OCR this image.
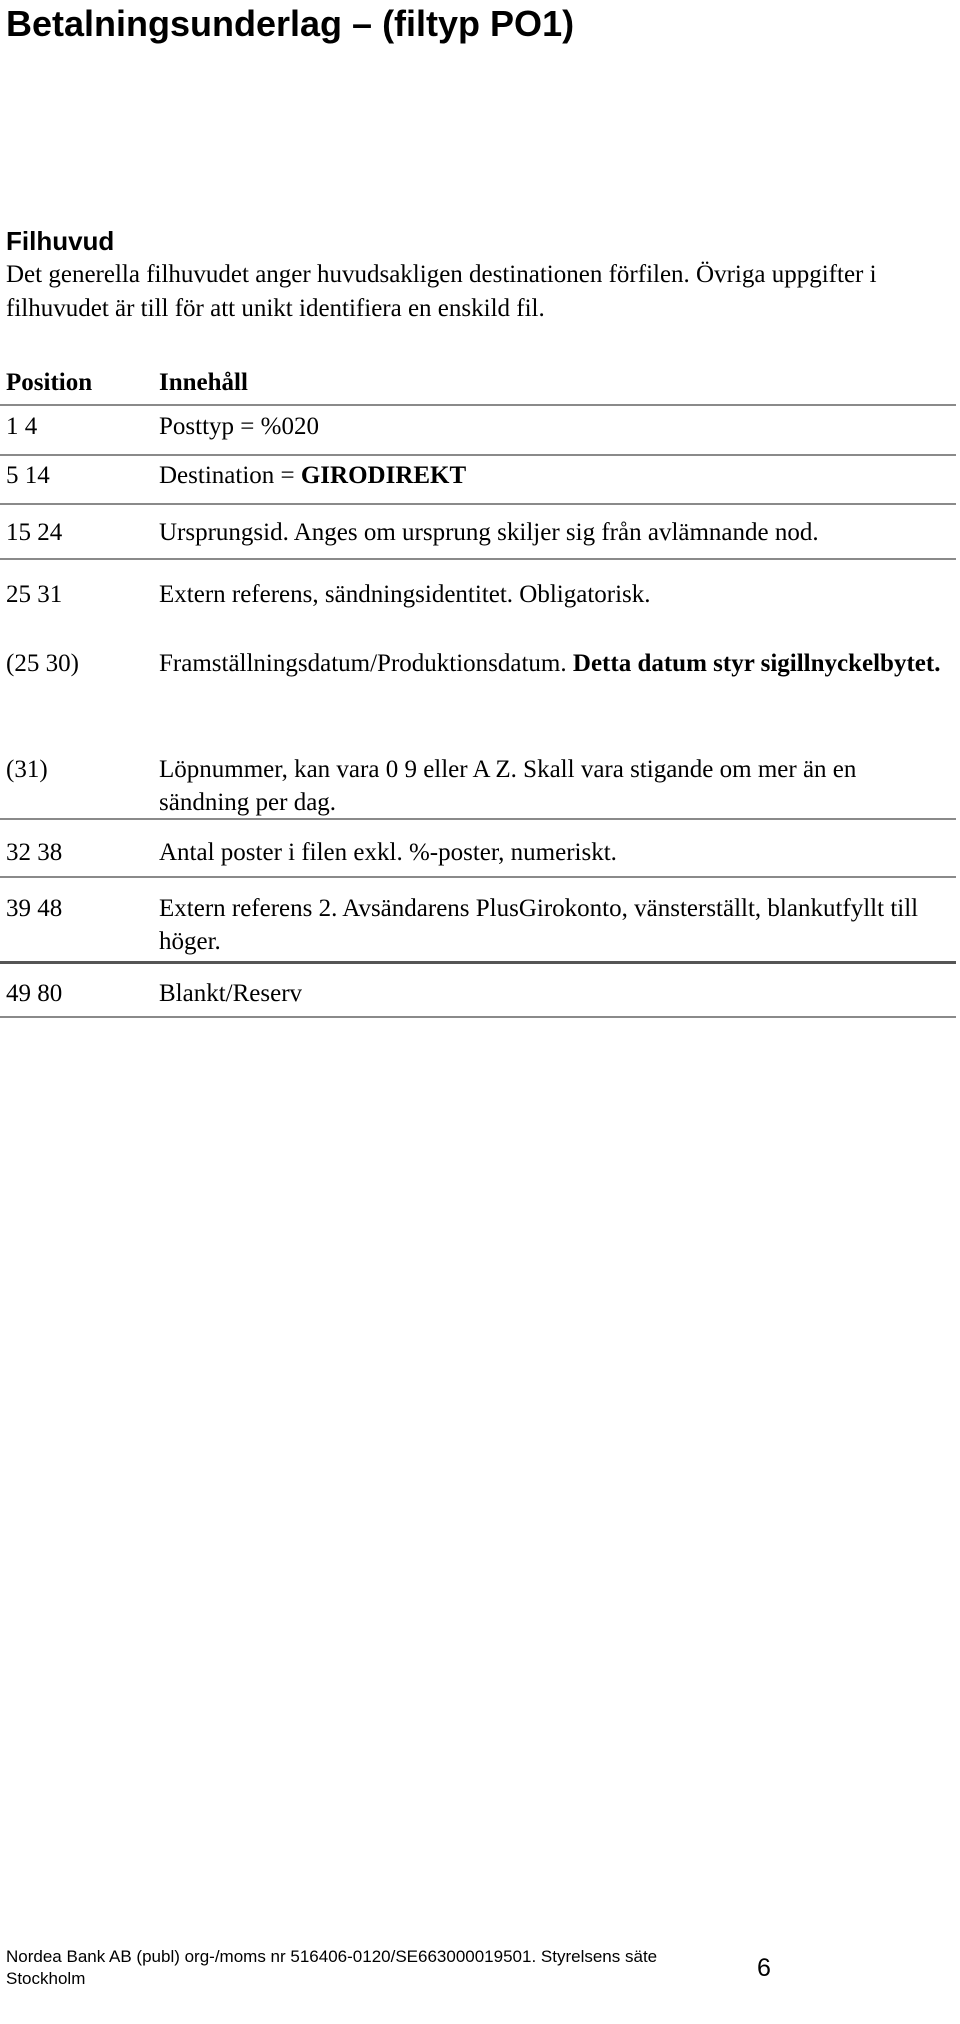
Betalningsunderlag – (filtyp PO1)
Filhuvud
Det generella filhuvudet anger huvudsakligen destinationen förfilen. Övriga uppgifter i filhuvudet är till för att unikt identifiera en enskild fil.
Position	Innehåll
1 4	Posttyp = %020
5 14	Destination = GIRODIREKT
15 24	Ursprungsid. Anges om ursprung skiljer sig från avlämnande nod.
25 31	Extern referens, sändningsidentitet. Obligatorisk.
(25 30)	Framställningsdatum/Produktionsdatum. Detta datum styr sigillnyckelbytet.
(31)	Löpnummer, kan vara 0 9 eller A Z. Skall vara stigande om mer än en sändning per dag.
32 38	Antal poster i filen exkl. %-poster, numeriskt.
39 48	Extern referens 2. Avsändarens PlusGirokonto, vänsterställt, blankutfyllt till höger.
49 80	Blankt/Reserv
Nordea Bank AB (publ) org-/moms nr 516406-0120/SE663000019501. Styrelsens säte Stockholm	6
